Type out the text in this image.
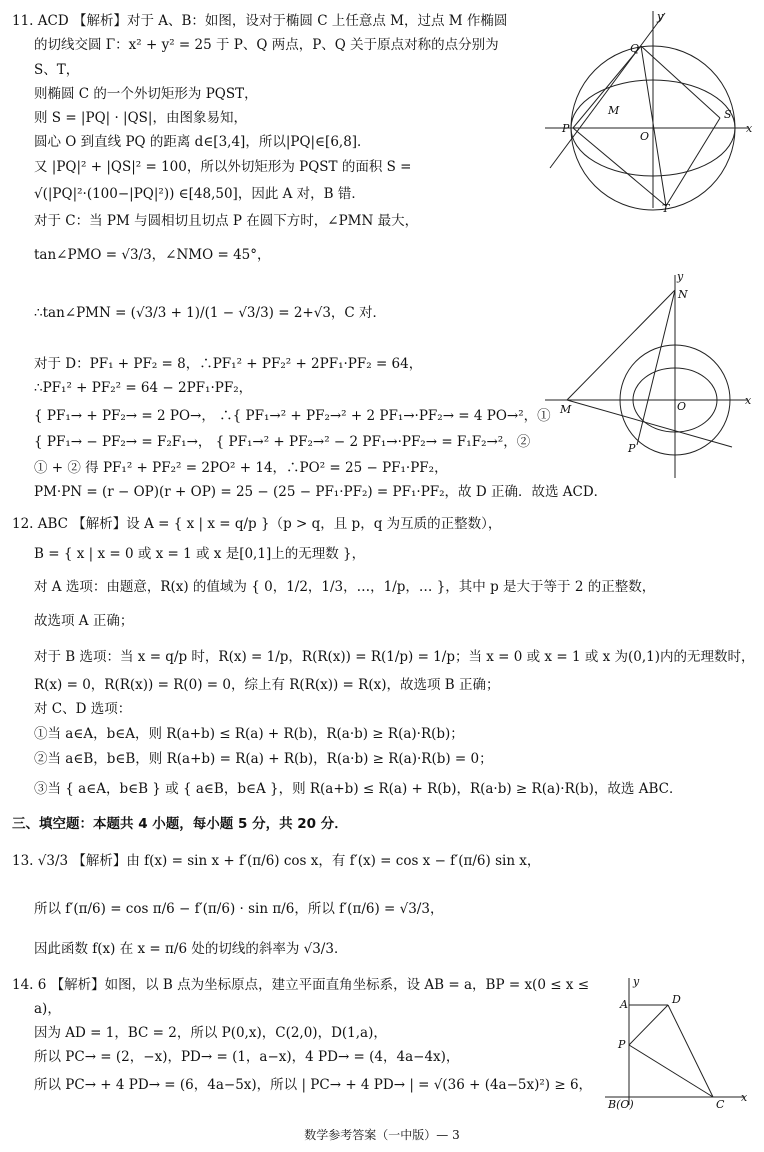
11. ACD 【解析】对于 A、B：如图，设对于椭圆 C 上任意点 M，过点 M 作椭圆
的切线交圆 Γ：x² + y² = 25 于 P、Q 两点，P、Q 关于原点对称的点分别为
S、T，
则椭圆 C 的一个外切矩形为 PQST，
则 S = |PQ| · |QS|，由图象易知，
圆心 O 到直线 PQ 的距离 d∈[3,4]，所以|PQ|∈[6,8]．
又 |PQ|² + |QS|² = 100，所以外切矩形为 PQST 的面积 S =
√(|PQ|²·(100−|PQ|²)) ∈[48,50]，因此 A 对，B 错．
对于 C：当 PM 与圆相切且切点 P 在圆下方时，∠PMN 最大，
tan∠PMO = √3/3，∠NMO = 45°，
∴tan∠PMN = (√3/3 + 1)/(1 − √3/3) = 2+√3，C 对．
对于 D：PF₁ + PF₂ = 8，∴PF₁² + PF₂² + 2PF₁·PF₂ = 64，
∴PF₁² + PF₂² = 64 − 2PF₁·PF₂，
{ PF₁→ + PF₂→ = 2 PO→， ∴{ PF₁→² + PF₂→² + 2 PF₁→·PF₂→ = 4 PO→²，①
{ PF₁→ − PF₂→ = F₂F₁→， { PF₁→² + PF₂→² − 2 PF₁→·PF₂→ = F₁F₂→²，②
① + ② 得 PF₁² + PF₂² = 2PO² + 14，∴PO² = 25 − PF₁·PF₂，
PM·PN = (r − OP)(r + OP) = 25 − (25 − PF₁·PF₂) = PF₁·PF₂，故 D 正确．故选 ACD．
12. ABC 【解析】设 A = { x | x = q/p }（p > q，且 p，q 为互质的正整数），
B = { x | x = 0 或 x = 1 或 x 是[0,1]上的无理数 }，
对 A 选项：由题意，R(x) 的值域为 { 0，1/2，1/3，…，1/p，… }，其中 p 是大于等于 2 的正整数，
故选项 A 正确；
对于 B 选项：当 x = q/p 时，R(x) = 1/p，R(R(x)) = R(1/p) = 1/p；当 x = 0 或 x = 1 或 x 为(0,1)内的无理数时，
R(x) = 0，R(R(x)) = R(0) = 0，综上有 R(R(x)) = R(x)，故选项 B 正确；
对 C、D 选项：
①当 a∈A，b∈A，则 R(a+b) ≤ R(a) + R(b)，R(a·b) ≥ R(a)·R(b)；
②当 a∈B，b∈B，则 R(a+b) = R(a) + R(b)，R(a·b) ≥ R(a)·R(b) = 0；
③当 { a∈A，b∈B } 或 { a∈B，b∈A }，则 R(a+b) ≤ R(a) + R(b)，R(a·b) ≥ R(a)·R(b)，故选 ABC．
三、填空题：本题共 4 小题，每小题 5 分，共 20 分．
13. √3/3 【解析】由 f(x) = sin x + f′(π/6) cos x，有 f′(x) = cos x − f′(π/6) sin x，
所以 f′(π/6) = cos π/6 − f′(π/6) · sin π/6，所以 f′(π/6) = √3/3，
因此函数 f(x) 在 x = π/6 处的切线的斜率为 √3/3．
14. 6 【解析】如图，以 B 点为坐标原点，建立平面直角坐标系，设 AB = a，BP = x(0 ≤ x ≤
a)，
因为 AD = 1，BC = 2，所以 P(0,x)，C(2,0)，D(1,a)，
所以 PC→ = (2，−x)，PD→ = (1，a−x)，4 PD→ = (4，4a−4x)，
所以 PC→ + 4 PD→ = (6，4a−5x)，所以 | PC→ + 4 PD→ | = √(36 + (4a−5x)²) ≥ 6，
y
x
Q
M
P
O
S
T
y
x
N
M	O
P
y
x
A	D
P
B(O)	C
数学参考答案（一中版）— 3
